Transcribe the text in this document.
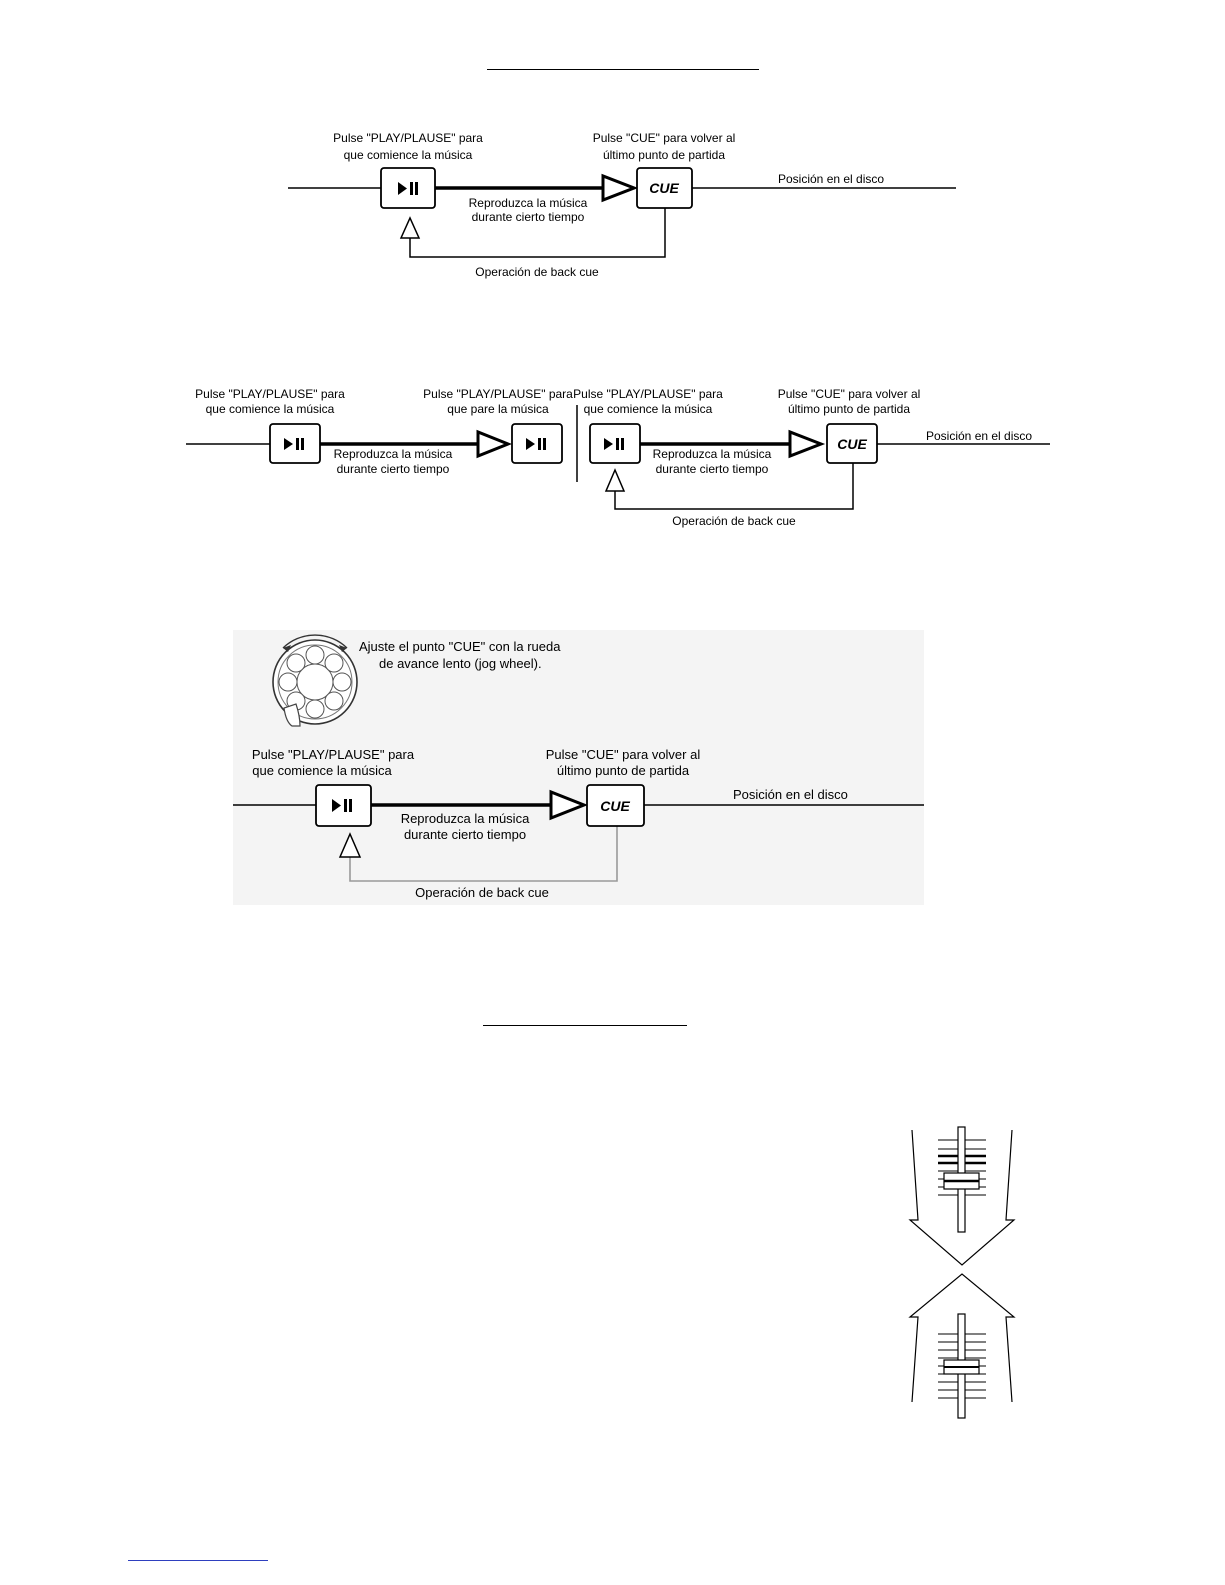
Pulse "PLAY/PLAUSE" para
que comience la música
Pulse "CUE" para volver al
último punto de partida
Posición en el disco
Reproduzca la música
durante cierto tiempo
Operación de back cue
CUE
Pulse "PLAY/PLAUSE" para
que comience la música
Pulse "PLAY/PLAUSE" para
que pare la música
Pulse "PLAY/PLAUSE" para
que comience la música
Pulse "CUE" para volver al
último punto de partida
Posición en el disco
Reproduzca la música
durante cierto tiempo
Reproduzca la música
durante cierto tiempo
Operación de back cue
CUE
Ajuste el punto "CUE" con la rueda
de avance lento (jog wheel).
Pulse "PLAY/PLAUSE" para
que comience la música
Pulse "CUE" para volver al
último punto de partida
Posición en el disco
Reproduzca la música
durante cierto tiempo
Operación de back cue
CUE
